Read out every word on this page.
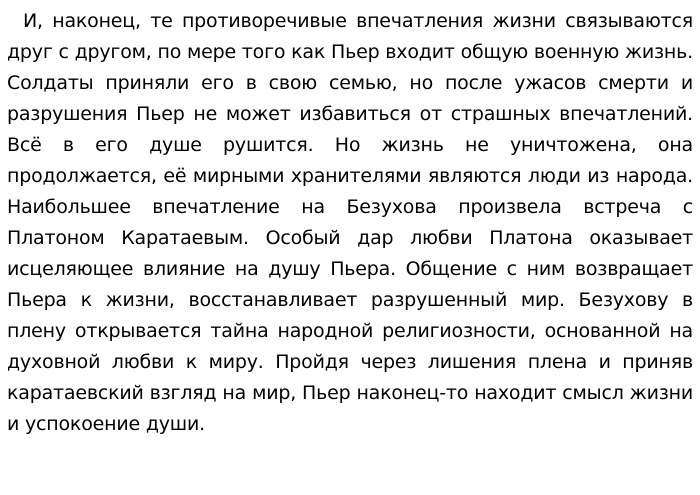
И, наконец, те противоречивые впечатления жизни связываются друг с другом, по мере того как Пьер входит общую военную жизнь. Солдаты приняли его в свою семью, но после ужасов смерти и разрушения Пьер не может избавиться от страшных впечатлений. Всё в его душе рушится. Но жизнь не уничтожена, она продолжается, её мирными хранителями являются люди из народа. Наибольшее впечатление на Безухова произвела встреча с Платоном Каратаевым. Особый дар любви Платона оказывает исцеляющее влияние на душу Пьера. Общение с ним возвращает Пьера к жизни, восстанавливает разрушенный мир. Безухову в плену открывается тайна народной религиозности, основанной на духовной любви к миру. Пройдя через лишения плена и приняв каратаевский взгляд на мир, Пьер наконец-то находит смысл жизни и успокоение души.
